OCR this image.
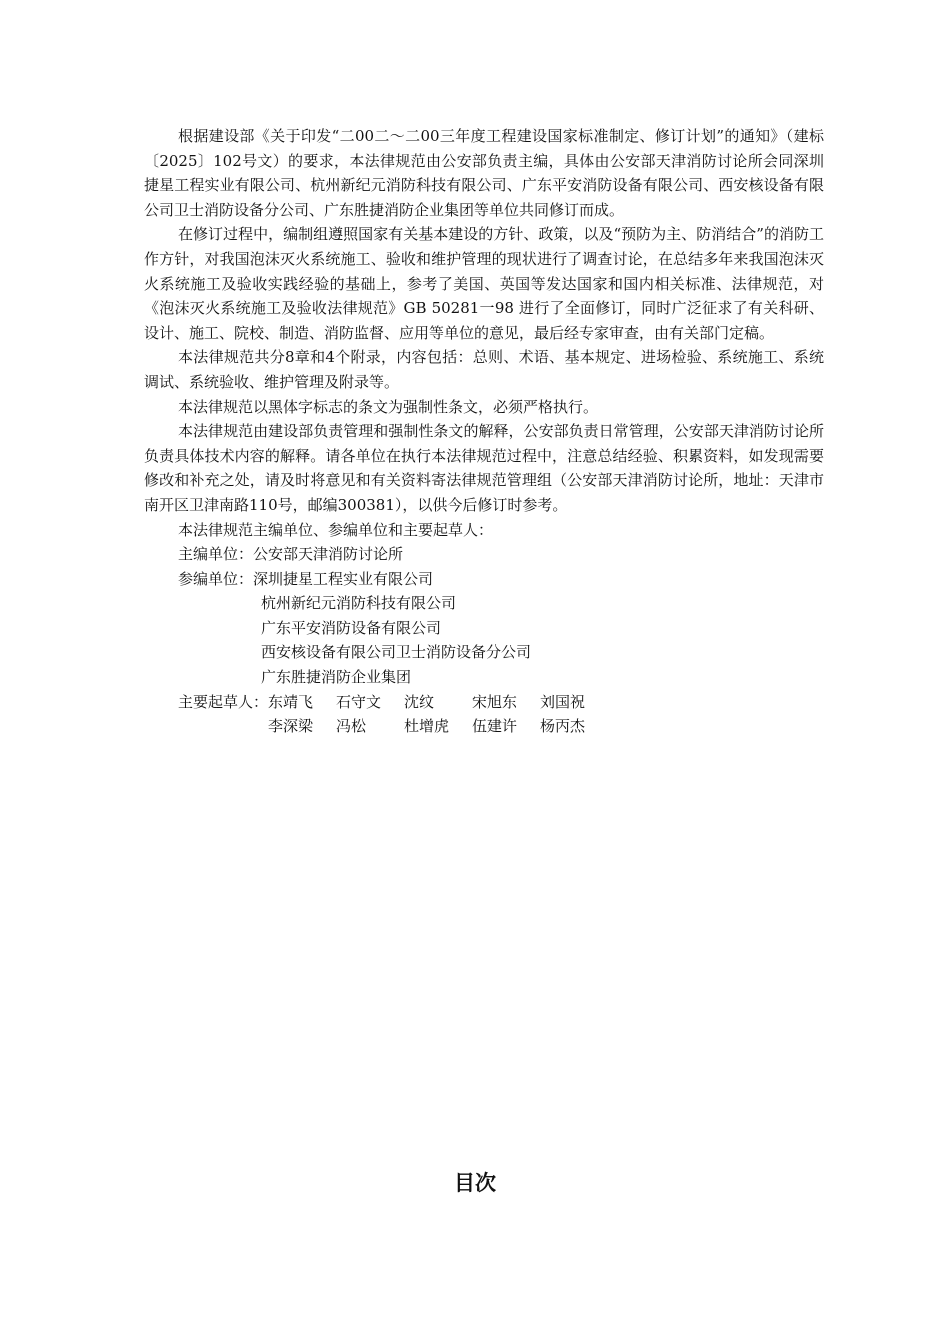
根据建设部《关于印发“二00二～二00三年度工程建设国家标准制定、修订计划”的通知》（建标〔2025〕102号文）的要求，本法律规范由公安部负责主编，具体由公安部天津消防讨论所会同深圳捷星工程实业有限公司、杭州新纪元消防科技有限公司、广东平安消防设备有限公司、西安核设备有限公司卫士消防设备分公司、广东胜捷消防企业集团等单位共同修订而成。

在修订过程中，编制组遵照国家有关基本建设的方针、政策，以及“预防为主、防消结合”的消防工作方针，对我国泡沫灭火系统施工、验收和维护管理的现状进行了调查讨论，在总结多年来我国泡沫灭火系统施工及验收实践经验的基础上，参考了美国、英国等发达国家和国内相关标准、法律规范，对《泡沫灭火系统施工及验收法律规范》GB 50281一98 进行了全面修订，同时广泛征求了有关科研、设计、施工、院校、制造、消防监督、应用等单位的意见，最后经专家审查，由有关部门定稿。

本法律规范共分8章和4个附录，内容包括：总则、术语、基本规定、进场检验、系统施工、系统调试、系统验收、维护管理及附录等。

本法律规范以黑体字标志的条文为强制性条文，必须严格执行。

本法律规范由建设部负责管理和强制性条文的解释，公安部负责日常管理，公安部天津消防讨论所负责具体技术内容的解释。请各单位在执行本法律规范过程中，注意总结经验、积累资料，如发现需要修改和补充之处，请及时将意见和有关资料寄法律规范管理组（公安部天津消防讨论所，地址：天津市南开区卫津南路110号，邮编300381），以供今后修订时参考。

本法律规范主编单位、参编单位和主要起草人：

主编单位：公安部天津消防讨论所

参编单位：深圳捷星工程实业有限公司

杭州新纪元消防科技有限公司

广东平安消防设备有限公司

西安核设备有限公司卫士消防设备分公司

广东胜捷消防企业集团

主要起草人： 东靖飞	石守文	沈纹	宋旭东	刘国祝
李深梁	冯松	杜增虎	伍建许	杨丙杰
目次
